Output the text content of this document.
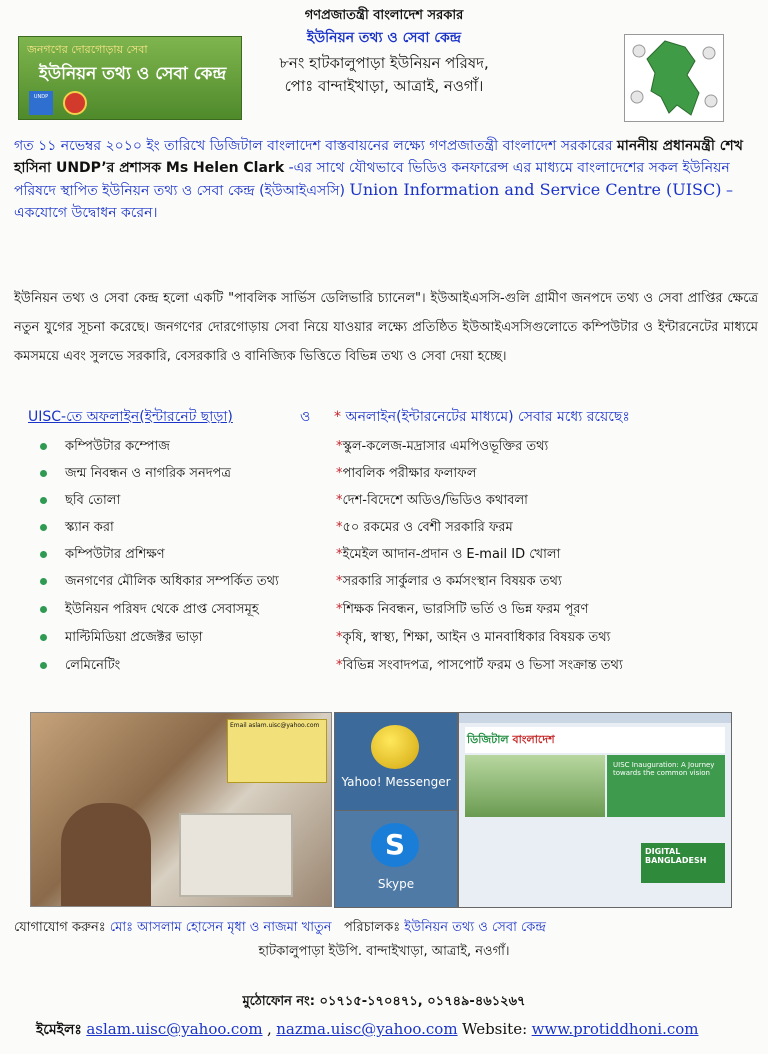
গণপ্রজাতন্ত্রী বাংলাদেশ সরকার
ইউনিয়ন তথ্য ও সেবা কেন্দ্র
৮নং হাটকালুপাড়া ইউনিয়ন পরিষদ,
পোঃ বান্দাইখাড়া, আত্রাই, নওগাঁ।
জনগণের দোরগোড়ায় সেবা
ইউনিয়ন তথ্য ও সেবা কেন্দ্র
UNDP
গত ১১ নভেম্বর ২০১০ ইং তারিখে ডিজিটাল বাংলাদেশ বাস্তবায়নের লক্ষ্যে গণপ্রজাতন্ত্রী বাংলাদেশ সরকারের মাননীয় প্রধানমন্ত্রী শেখ হাসিনা UNDP’র প্রশাসক Ms Helen Clark -এর সাথে যৌথভাবে ভিডিও কনফারেন্স এর মাধ্যমে বাংলাদেশের সকল ইউনিয়ন পরিষদে স্থাপিত ইউনিয়ন তথ্য ও সেবা কেন্দ্র (ইউআইএসসি) Union Information and Service Centre (UISC) – একযোগে উদ্বোধন করেন।
ইউনিয়ন তথ্য ও সেবা কেন্দ্র হলো একটি "পাবলিক সার্ভিস ডেলিভারি চ্যানেল"। ইউআইএসসি-গুলি গ্রামীণ জনপদে তথ্য ও সেবা প্রাপ্তির ক্ষেত্রে নতুন যুগের সূচনা করেছে। জনগণের দোরগোড়ায় সেবা নিয়ে যাওয়ার লক্ষ্যে প্রতিষ্ঠিত ইউআইএসসিগুলোতে কম্পিউটার ও ইন্টারনেটের মাধ্যমে কমসময়ে এবং সুলভে সরকারি, বেসরকারি ও বানিজ্যিক ভিত্তিতে বিভিন্ন তথ্য ও সেবা দেয়া হচ্ছে।
UISC-তে অফলাইন(ইন্টারনেট ছাড়া)	ও * অনলাইন(ইন্টারনেটের মাধ্যমে) সেবার মধ্যে রয়েছেঃ
কম্পিউটার কম্পোজ
জন্ম নিবন্ধন ও নাগরিক সনদপত্র
ছবি তোলা
স্ক্যান করা
কম্পিউটার প্রশিক্ষণ
জনগণের মৌলিক অধিকার সম্পর্কিত তথ্য
ইউনিয়ন পরিষদ থেকে প্রাপ্ত সেবাসমূহ
মাল্টিমিডিয়া প্রজেক্টর ভাড়া
লেমিনেটিং
*স্কুল-কলেজ-মদ্রাসার এমপিওভূক্তির তথ্য
*পাবলিক পরীক্ষার ফলাফল
*দেশ-বিদেশে অডিও/ভিডিও কথাবলা
*৫০ রকমের ও বেশী সরকারি ফরম
*ইমেইল আদান-প্রদান ও E-mail ID খোলা
*সরকারি সার্কুলার ও কর্মসংস্থান বিষয়ক তথ্য
*শিক্ষক নিবন্ধন, ভারসিটি ভর্তি ও ভিন্ন ফরম পূরণ
*কৃষি, স্বাস্থ্য, শিক্ষা, আইন ও মানবাধিকার বিষয়ক তথ্য
*বিভিন্ন সংবাদপত্র, পাসপোর্ট ফরম ও ভিসা সংক্রান্ত তথ্য
Email aslam.uisc@yahoo.com
Yahoo! Messenger
S
Skype
ডিজিটাল বাংলাদেশ
UISC Inauguration: A Journey towards the common vision
DIGITAL BANGLADESH
যোগাযোগ করুনঃ মোঃ আসলাম হোসেন মৃধা ও নাজমা খাতুন পরিচালকঃ ইউনিয়ন তথ্য ও সেবা কেন্দ্র
হাটকালুপাড়া ইউপি. বান্দাইখাড়া, আত্রাই, নওগাঁ।
মুঠোফোন নং: ০১৭১৫-১৭০৪৭১, ০১৭৪৯-৪৬১২৬৭
ইমেইলঃ aslam.uisc@yahoo.com , nazma.uisc@yahoo.com Website: www.protiddhoni.com
